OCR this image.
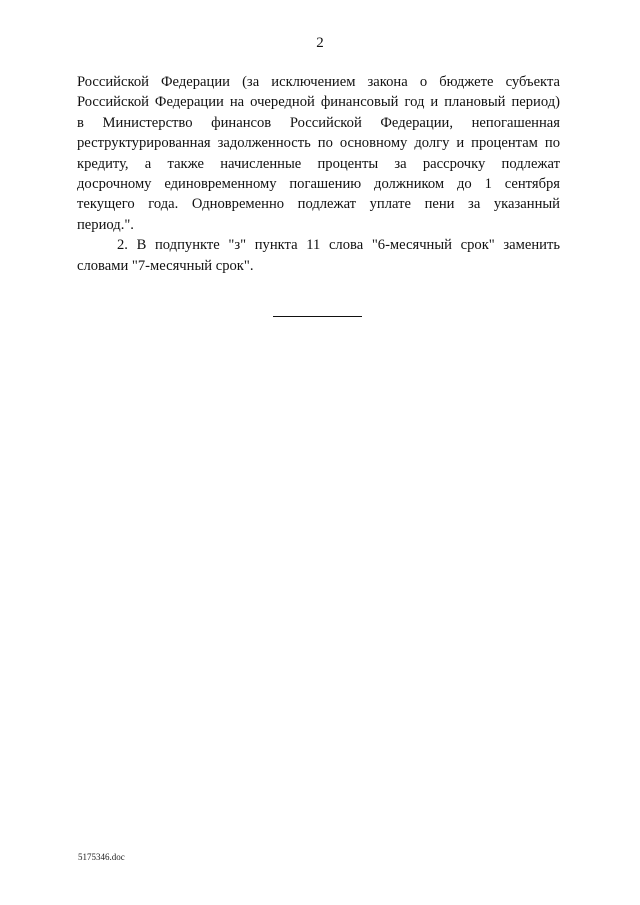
2
Российской Федерации (за исключением закона о бюджете субъекта
Российской Федерации на очередной финансовый год и плановый период)
в Министерство финансов Российской Федерации, непогашенная
реструктурированная задолженность по основному долгу и процентам по
кредиту, а также начисленные проценты за рассрочку подлежат
досрочному единовременному погашению должником до 1 сентября
текущего года. Одновременно подлежат уплате пени за указанный
период.".
2. В подпункте "з" пункта 11 слова "6-месячный срок" заменить
словами "7-месячный срок".
5175346.doc
